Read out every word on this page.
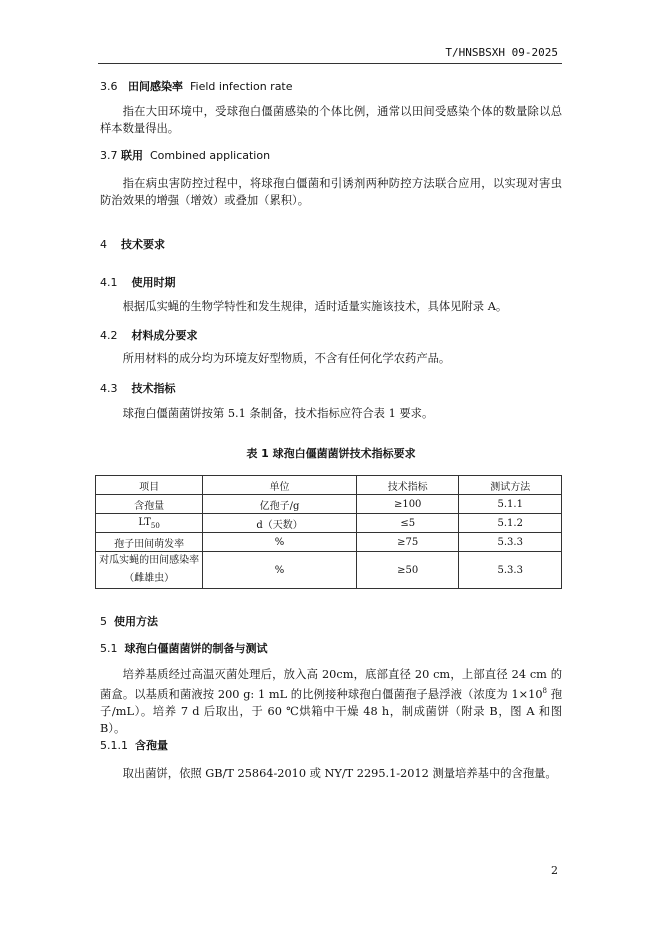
T/HNSBSXH 09-2025
3.6 田间感染率 Field infection rate
指在大田环境中，受球孢白僵菌感染的个体比例，通常以田间受感染个体的数量除以总样本数量得出。
3.7 联用 Combined application
指在病虫害防控过程中，将球孢白僵菌和引诱剂两种防控方法联合应用，以实现对害虫防治效果的增强（增效）或叠加（累积）。
4 技术要求
4.1 使用时期
根据瓜实蝇的生物学特性和发生规律，适时适量实施该技术，具体见附录 A。
4.2 材料成分要求
所用材料的成分均为环境友好型物质，不含有任何化学农药产品。
4.3 技术指标
球孢白僵菌菌饼按第 5.1 条制备，技术指标应符合表 1 要求。
表 1 球孢白僵菌菌饼技术指标要求
项目	单位	技术指标	测试方法
含孢量	亿孢子/g	≥100	5.1.1
$LT_{50}$	d（天数）	≤5	5.1.2
孢子田间萌发率	%	≥75	5.3.3

对瓜实蝇的田间感染率
（雌雄虫）	%	≥50	5.3.3
5 使用方法
5.1 球孢白僵菌菌饼的制备与测试
培养基质经过高温灭菌处理后，放入高 20cm，底部直径 20 cm，上部直径 24 cm 的菌盒。以基质和菌液按 200 g: 1 mL 的比例接种球孢白僵菌孢子悬浮液（浓度为 $1\times 10^8$ 孢子/mL）。培养 7 d 后取出，于 60 ℃烘箱中干燥 48 h，制成菌饼（附录 B，图 A 和图 B）。
5.1.1 含孢量
取出菌饼，依照 GB/T 25864-2010 或 NY/T 2295.1-2012 测量培养基中的含孢量。
2
